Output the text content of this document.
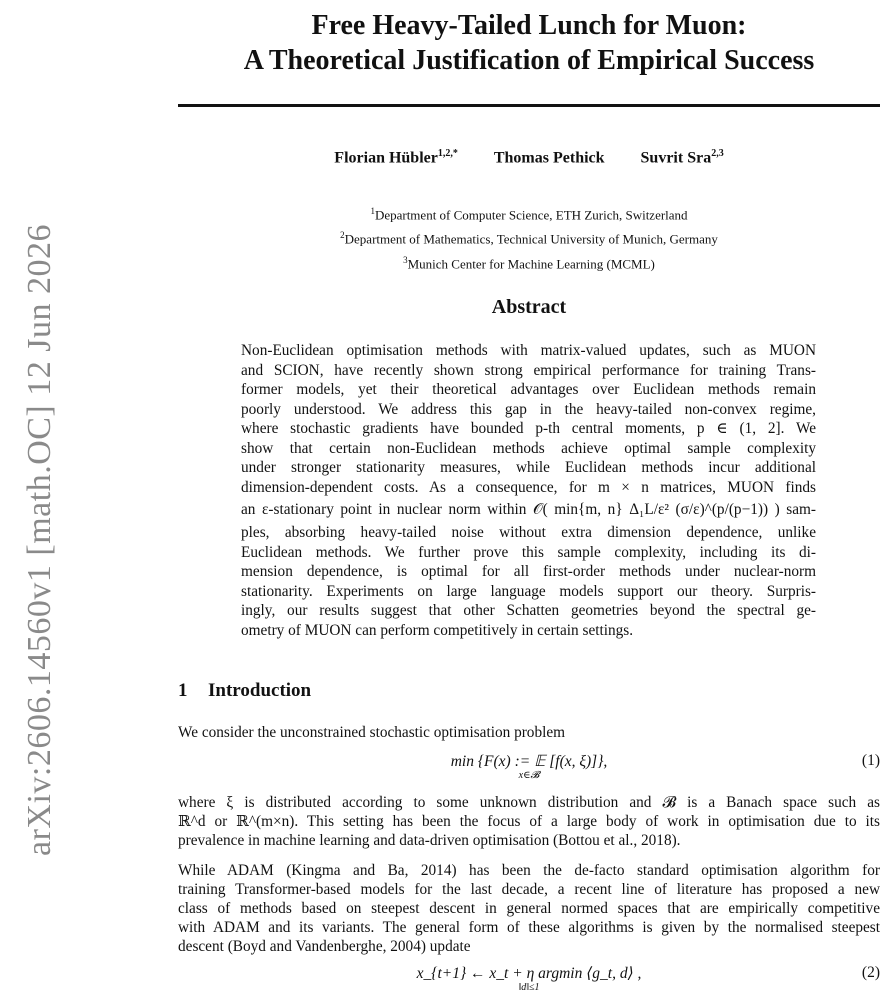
arXiv:2606.14560v1 [math.OC] 12 Jun 2026
Free Heavy-Tailed Lunch for Muon:
A Theoretical Justification of Empirical Success
Florian Hübler$^{1,2,*}$ Thomas Pethick Suvrit Sra$^{2,3}$
$^1$Department of Computer Science, ETH Zurich, Switzerland
$^2$Department of Mathematics, Technical University of Munich, Germany
$^3$Munich Center for Machine Learning (MCML)
Abstract
Non-Euclidean optimisation methods with matrix-valued updates, such as MUON
and SCION, have recently shown strong empirical performance for training Trans-
former models, yet their theoretical advantages over Euclidean methods remain
poorly understood. We address this gap in the heavy-tailed non-convex regime,
where stochastic gradients have bounded p-th central moments, p ∈ (1, 2]. We
show that certain non-Euclidean methods achieve optimal sample complexity
under stronger stationarity measures, while Euclidean methods incur additional
dimension-dependent costs. As a consequence, for m × n matrices, MUON finds
an ε-stationary point in nuclear norm within 𝒪( min{m, n} Δ₁L/ε² (σ/ε)^(p/(p−1)) ) sam-
ples, absorbing heavy-tailed noise without extra dimension dependence, unlike
Euclidean methods. We further prove this sample complexity, including its di-
mension dependence, is optimal for all first-order methods under nuclear-norm
stationarity. Experiments on large language models support our theory. Surpris-
ingly, our results suggest that other Schatten geometries beyond the spectral ge-
ometry of MUON can perform competitively in certain settings.
1 Introduction
We consider the unconstrained stochastic optimisation problem
min {F(x) := 𝔼 [f(x, ξ)]},
x∈𝓑
(1)
where ξ is distributed according to some unknown distribution and 𝓑 is a Banach space such as
ℝ^d or ℝ^(m×n). This setting has been the focus of a large body of work in optimisation due to its
prevalence in machine learning and data-driven optimisation (Bottou et al., 2018).
While ADAM (Kingma and Ba, 2014) has been the de-facto standard optimisation algorithm for
training Transformer-based models for the last decade, a recent line of literature has proposed a new
class of methods based on steepest descent in general normed spaces that are empirically competitive
with ADAM and its variants. The general form of these algorithms is given by the normalised steepest
descent (Boyd and Vandenberghe, 2004) update
x_{t+1} ← x_t + η argmin ⟨g_t, d⟩ ,
‖d‖≤1
(2)
